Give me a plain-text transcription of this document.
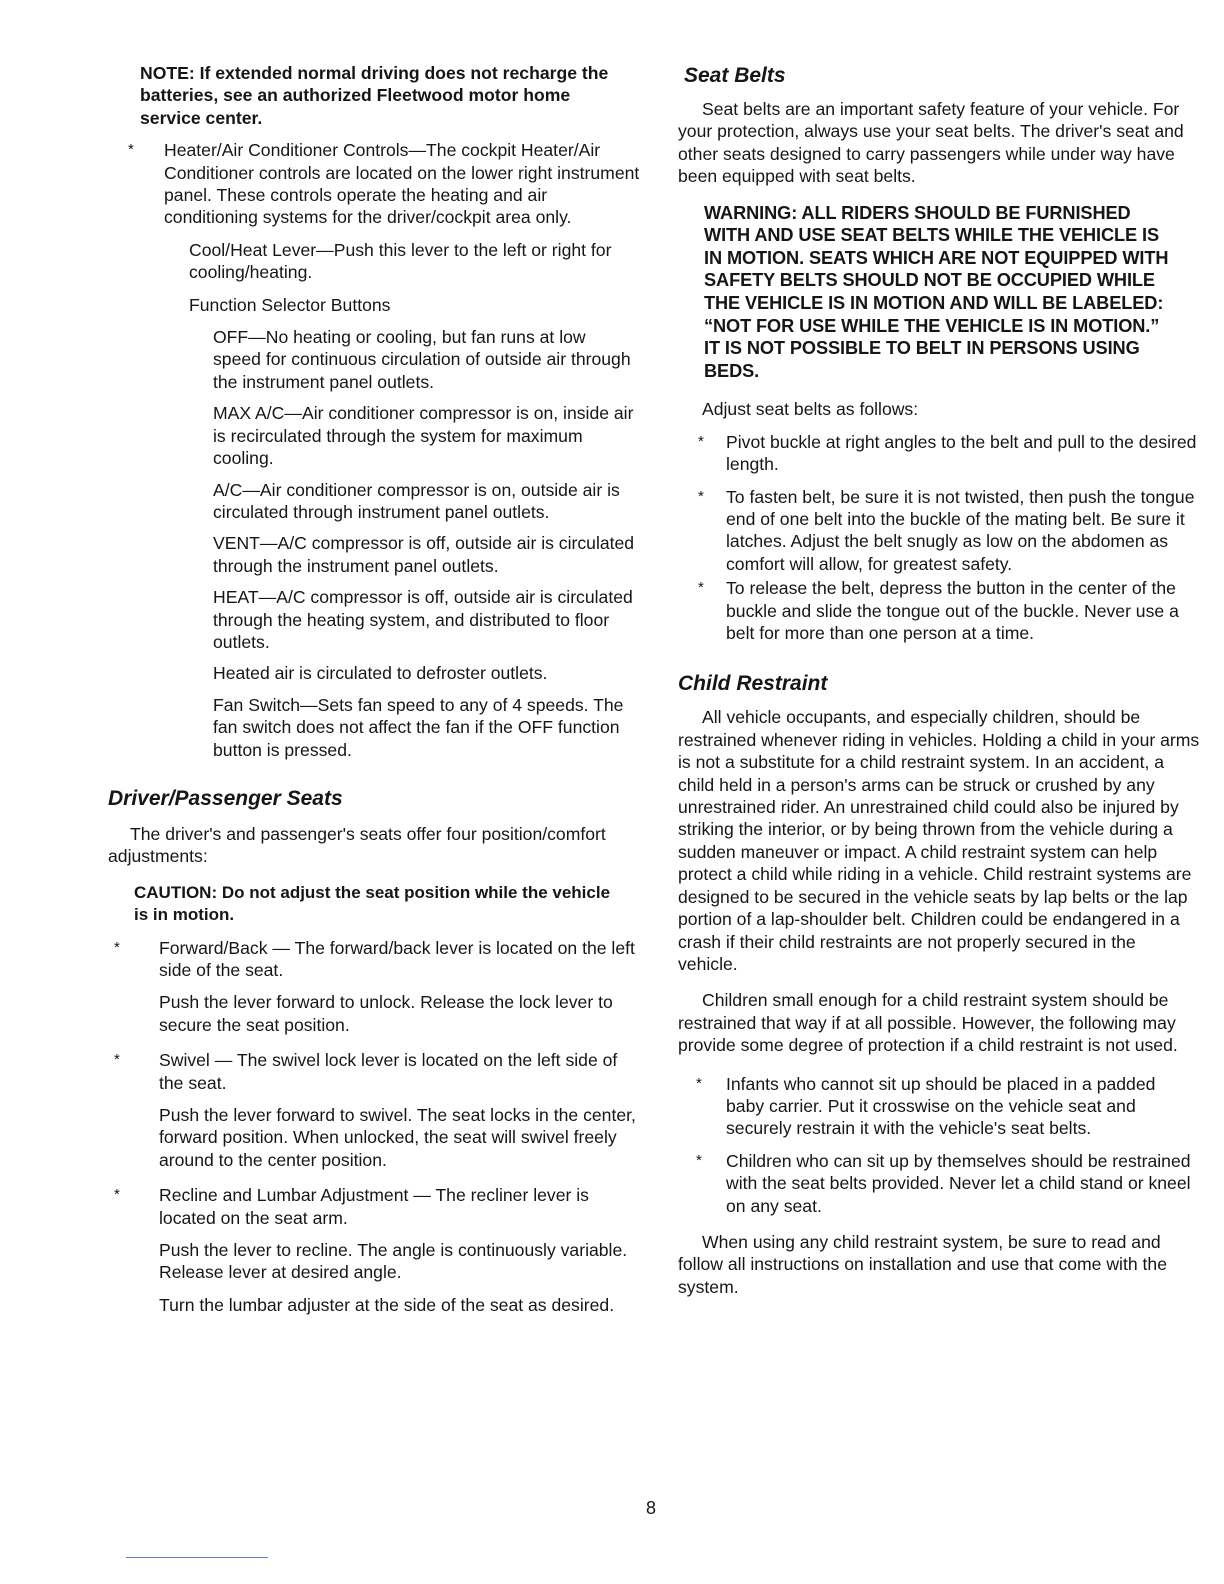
NOTE: If extended normal driving does not recharge the batteries, see an authorized Fleetwood motor home service center.

* Heater/Air Conditioner Controls—The cockpit Heater/Air Conditioner controls are located on the lower right instrument panel. These controls operate the heating and air conditioning systems for the driver/cockpit area only.

Cool/Heat Lever—Push this lever to the left or right for cooling/heating.

Function Selector Buttons

OFF—No heating or cooling, but fan runs at low speed for continuous circulation of outside air through the instrument panel outlets.

MAX A/C—Air conditioner compressor is on, inside air is recirculated through the system for maximum cooling.

A/C—Air conditioner compressor is on, outside air is circulated through instrument panel outlets.

VENT—A/C compressor is off, outside air is circulated through the instrument panel outlets.

HEAT—A/C compressor is off, outside air is circulated through the heating system, and distributed to floor outlets.

Heated air is circulated to defroster outlets.

Fan Switch—Sets fan speed to any of 4 speeds. The fan switch does not affect the fan if the OFF function button is pressed.

Driver/Passenger Seats

The driver's and passenger's seats offer four position/comfort adjustments:

CAUTION: Do not adjust the seat position while the vehicle is in motion.

* Forward/Back — The forward/back lever is located on the left side of the seat.

Push the lever forward to unlock. Release the lock lever to secure the seat position.

* Swivel — The swivel lock lever is located on the left side of the seat.

Push the lever forward to swivel. The seat locks in the center, forward position. When unlocked, the seat will swivel freely around to the center position.

* Recline and Lumbar Adjustment — The recliner lever is located on the seat arm.

Push the lever to recline. The angle is continuously variable. Release lever at desired angle.

Turn the lumbar adjuster at the side of the seat as desired.

Seat Belts

Seat belts are an important safety feature of your vehicle. For your protection, always use your seat belts. The driver's seat and other seats designed to carry passengers while under way have been equipped with seat belts.

WARNING: ALL RIDERS SHOULD BE FURNISHED WITH AND USE SEAT BELTS WHILE THE VEHICLE IS IN MOTION. SEATS WHICH ARE NOT EQUIPPED WITH SAFETY BELTS SHOULD NOT BE OCCUPIED WHILE THE VEHICLE IS IN MOTION AND WILL BE LABELED: “NOT FOR USE WHILE THE VEHICLE IS IN MOTION.” IT IS NOT POSSIBLE TO BELT IN PERSONS USING BEDS.

Adjust seat belts as follows:

* Pivot buckle at right angles to the belt and pull to the desired length.

* To fasten belt, be sure it is not twisted, then push the tongue end of one belt into the buckle of the mating belt. Be sure it latches. Adjust the belt snugly as low on the abdomen as comfort will allow, for greatest safety.

* To release the belt, depress the button in the center of the buckle and slide the tongue out of the buckle. Never use a belt for more than one person at a time.

Child Restraint

All vehicle occupants, and especially children, should be restrained whenever riding in vehicles. Holding a child in your arms is not a substitute for a child restraint system. In an accident, a child held in a person's arms can be struck or crushed by any unrestrained rider. An unrestrained child could also be injured by striking the interior, or by being thrown from the vehicle during a sudden maneuver or impact. A child restraint system can help protect a child while riding in a vehicle. Child restraint systems are designed to be secured in the vehicle seats by lap belts or the lap portion of a lap-shoulder belt. Children could be endangered in a crash if their child restraints are not properly secured in the vehicle.

Children small enough for a child restraint system should be restrained that way if at all possible. However, the following may provide some degree of protection if a child restraint is not used.

* Infants who cannot sit up should be placed in a padded baby carrier. Put it crosswise on the vehicle seat and securely restrain it with the vehicle's seat belts.

* Children who can sit up by themselves should be restrained with the seat belts provided. Never let a child stand or kneel on any seat.

When using any child restraint system, be sure to read and follow all instructions on installation and use that come with the system.

8
